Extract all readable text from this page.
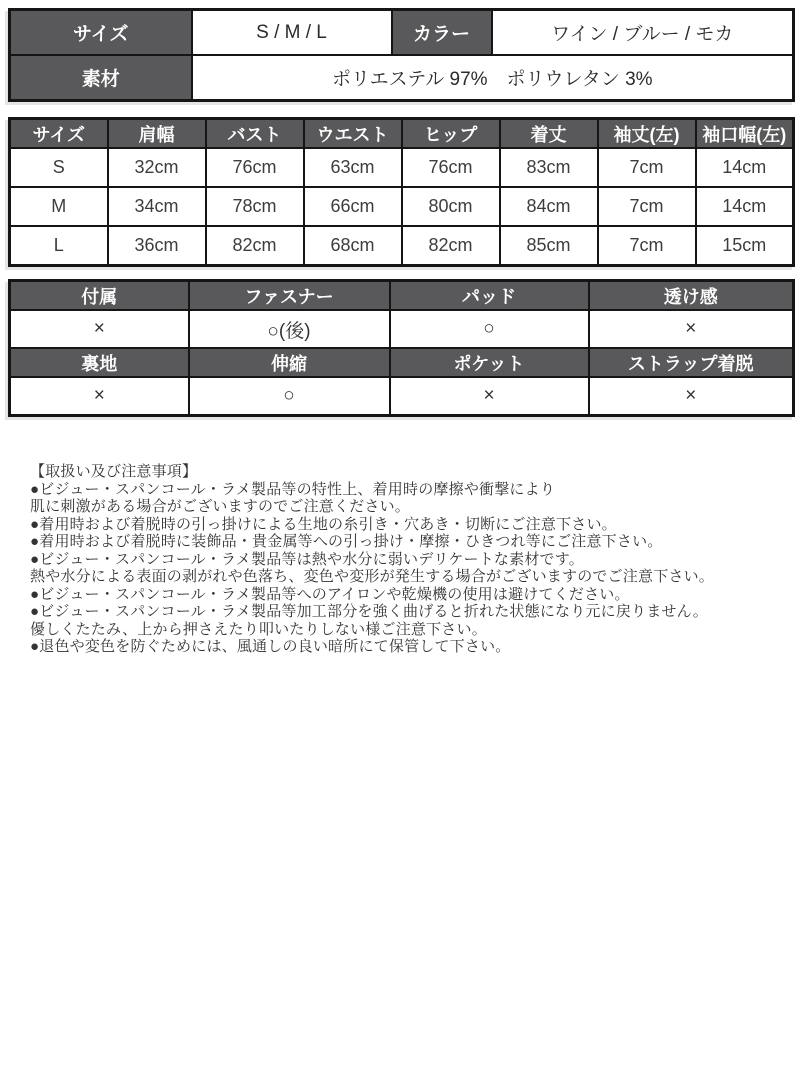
サイズ	S / M / L	カラー	ワイン / ブルー / モカ
素材	ポリエステル 97%　ポリウレタン 3%		
サイズ	肩幅	バスト	ウエスト	ヒップ	着丈	袖丈(左)	袖口幅(左)
S	32cm	76cm	63cm	76cm	83cm	7cm	14cm
M	34cm	78cm	66cm	80cm	84cm	7cm	14cm
L	36cm	82cm	68cm	82cm	85cm	7cm	15cm
付属	ファスナー	パッド	透け感
×	○(後)	○	×
裏地	伸縮	ポケット	ストラップ着脱
×	○	×	×
【取扱い及び注意事項】
●ビジュー・スパンコール・ラメ製品等の特性上、着用時の摩擦や衝撃により
肌に刺激がある場合がございますのでご注意ください。
●着用時および着脱時の引っ掛けによる生地の糸引き・穴あき・切断にご注意下さい。
●着用時および着脱時に装飾品・貴金属等への引っ掛け・摩擦・ひきつれ等にご注意下さい。
●ビジュー・スパンコール・ラメ製品等は熱や水分に弱いデリケートな素材です。
熱や水分による表面の剥がれや色落ち、変色や変形が発生する場合がございますのでご注意下さい。
●ビジュー・スパンコール・ラメ製品等へのアイロンや乾燥機の使用は避けてください。
●ビジュー・スパンコール・ラメ製品等加工部分を強く曲げると折れた状態になり元に戻りません。
優しくたたみ、上から押さえたり叩いたりしない様ご注意下さい。
●退色や変色を防ぐためには、風通しの良い暗所にて保管して下さい。
